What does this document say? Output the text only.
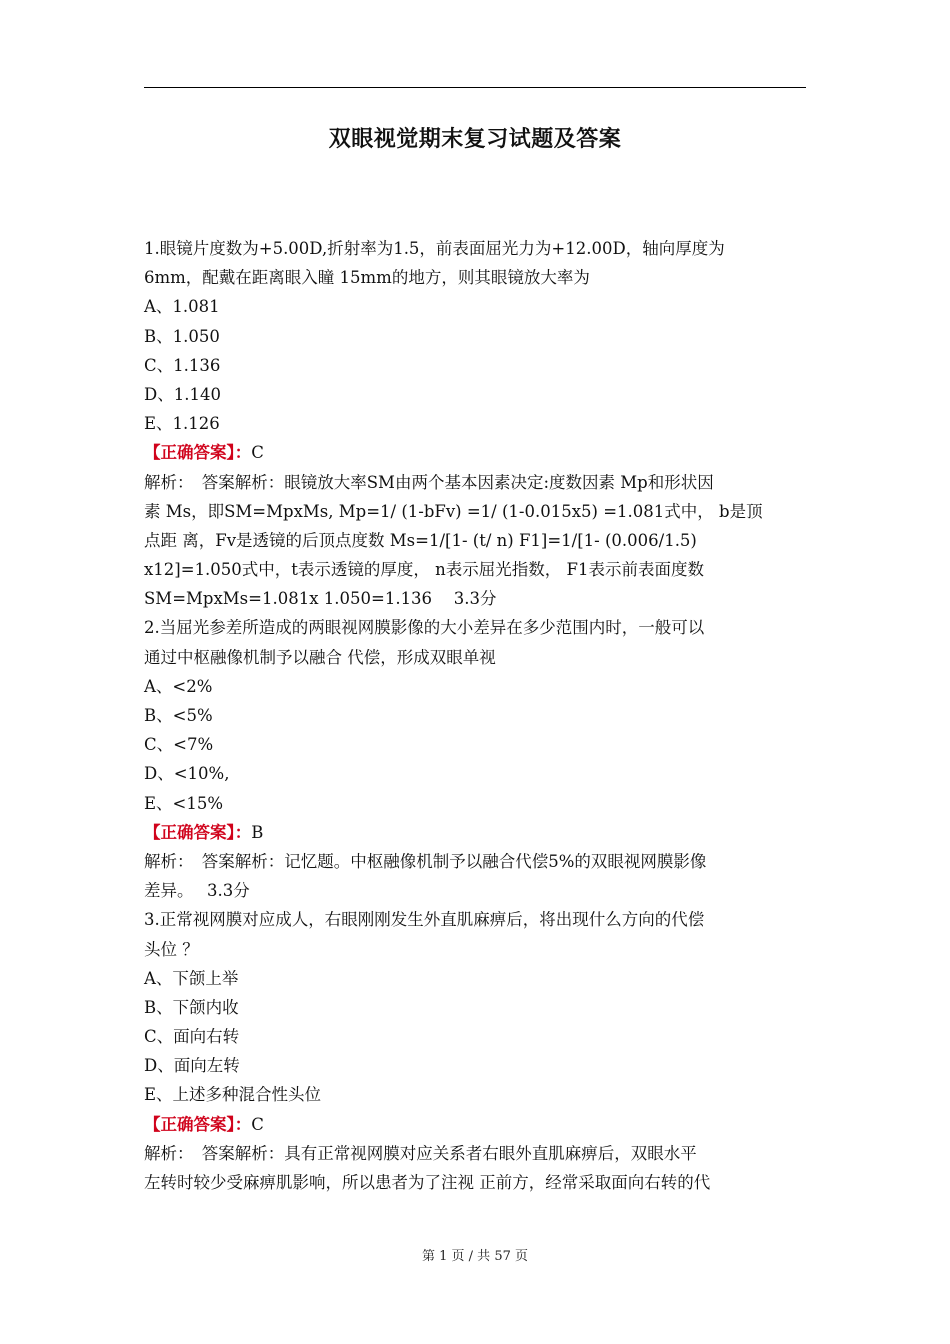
双眼视觉期末复习试题及答案
1.眼镜片度数为+5.00D,折射率为1.5，前表面屈光力为+12.00D，轴向厚度为
6mm，配戴在距离眼入瞳 15mm的地方，则其眼镜放大率为
A、1.081
B、1.050
C、1.136
D、1.140
E、1.126
【正确答案】：C
解析：　答案解析：眼镜放大率SM由两个基本因素决定:度数因素 Mp和形状因
素 Ms，即SM=MpxMs, Mp=1/ (1-bFv) =1/ (1-0.015x5) =1.081式中， b是顶
点距 离，Fv是透镜的后顶点度数 Ms=1/[1- (t/ n) F1]=1/[1- (0.006/1.5)
x12]=1.050式中，t表示透镜的厚度， n表示屈光指数， F1表示前表面度数
SM=MpxMs=1.081x 1.050=1.136　 3.3分
2.当屈光参差所造成的两眼视网膜影像的大小差异在多少范围内时，一般可以
通过中枢融像机制予以融合 代偿，形成双眼单视
A、<2%
B、<5%
C、<7%
D、<10%,
E、<15%
【正确答案】：B
解析：　答案解析：记忆题。中枢融像机制予以融合代偿5%的双眼视网膜影像
差异。　 3.3分
3.正常视网膜对应成人，右眼刚刚发生外直肌麻痹后，将出现什么方向的代偿
头位 ？
A、下颌上举
B、下颌内收
C、面向右转
D、面向左转
E、上述多种混合性头位
【正确答案】：C
解析：　答案解析：具有正常视网膜对应关系者右眼外直肌麻痹后，双眼水平
左转时较少受麻痹肌影响，所以患者为了注视 正前方，经常采取面向右转的代
第 1 页 / 共 57 页
